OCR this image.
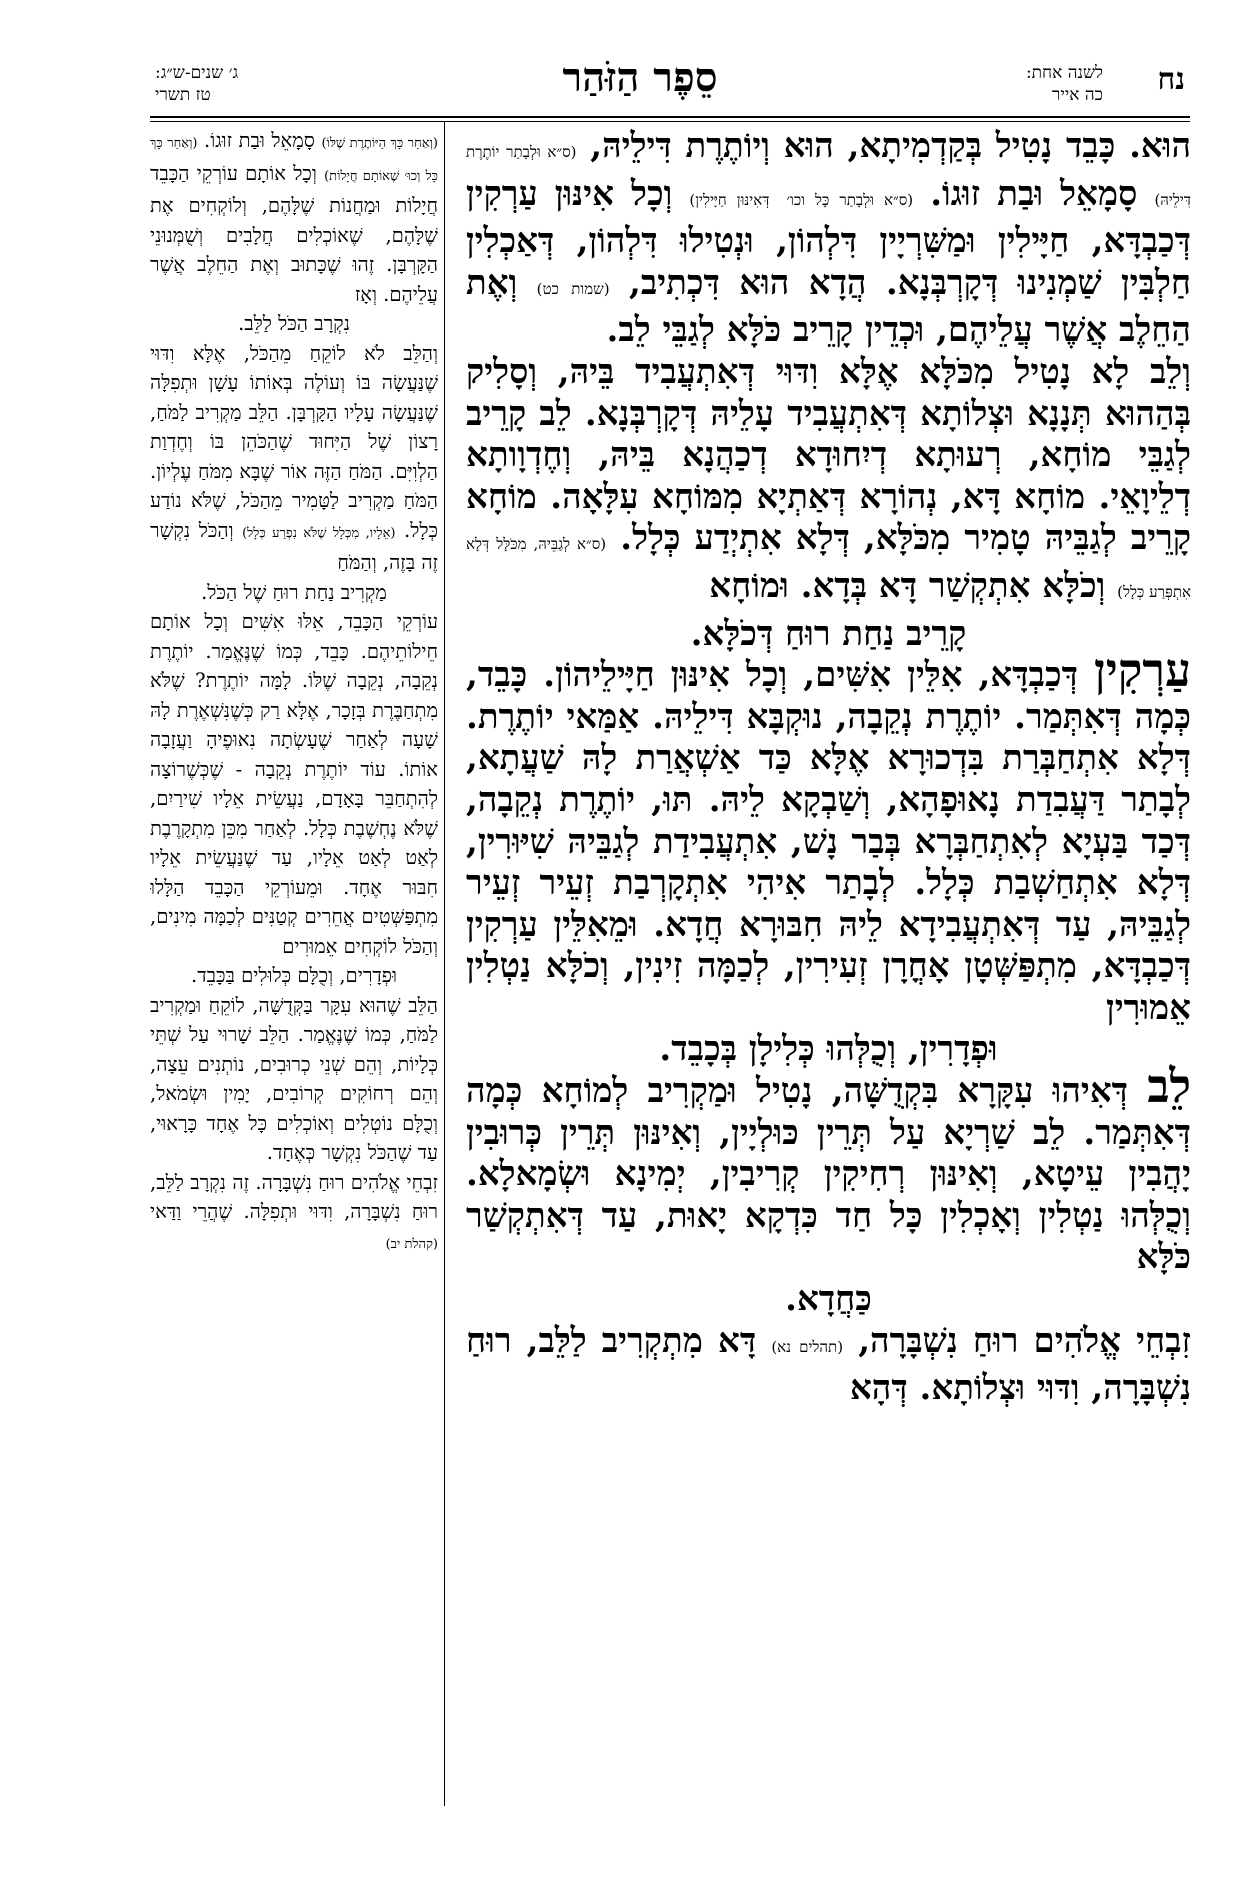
נח
לשנה אחת:
כה אייר
סֵפֶר הַזֹּהַר
ג׳ שנים-ש״ג:
טז תשרי

הוּא. כָּבֵד נָטִיל בְּקַדְמִיתָא, הוּא וְיוֹתֶרֶת דִּילֵיהּ, (ס״א וּלְבָתַר יוֹתֶרֶת דִּילֵיהּ) סָמָאֵל וּבַת זוּגוֹ. (ס״א וּלְבָתַר כָּל וכו׳ דְּאִינּוּן חַיָּילִין) וְכָל אִינּוּן עַרְקִין דְּכַבְדָּא, חַיָּילִין וּמַשִּׁרְיָין דִּלְהוֹן, וּנְטִילוּ דִּלְהוֹן, דְּאַכְלִין חַלְבִּין שַׁמְנִינוּ דְּקָרְבְּנָא. הֲדָא הוּא דִּכְתִיב, (שמות כט) וְאֶת הַחֵלֶב אֲשֶׁר עֲלֵיהֶם, וּכְדֵין קָרֵיב כֹּלָּא לְגַבֵּי לֵב.

וְלֵב לָא נָטִיל מִכֹּלָּא אֶלָּא וִדּוּי דְּאִתְעֲבִיד בֵּיהּ, וְסָלִיק בְּהַהוּא תְּנָנָא וּצְלוֹתָא דְּאִתְעֲבִיד עָלֵיהּ דְּקָרְבְּנָא. לֵב קָרֵיב לְגַבֵּי מוֹחָא, רְעוּתָא דְיִחוּדָא דְכַהֲנָא בֵּיהּ, וְחֶדְוָותָא דְלֵיוָאֵי. מוֹחָא דָּא, נְהוֹרָא דְּאַתְיָא מִמּוֹחָא עִלָּאָה. מוֹחָא קָרֵיב לְגַבֵּיהּ טָמִיר מִכֹּלָּא, דְּלָא אִתְיְדַע כְּלָל. (ס״א לְגַבֵּיהּ, מִכֹּלָּל דְּלָא אִתְפְּרַע כְּלָל) וְכֹלָּא אִתְקְשַׁר דָּא בְּדָא. וּמוֹחָא

קָרֵיב נַחַת רוּחַ דְּכֹלָּא.

עַרְקִין דְּכַבְדָּא, אִלֵּין אִשִּׁים, וְכָל אִינּוּן חַיָּילֵיהוֹן. כָּבֵד, כְּמָה דְּאִתְּמַר. יוֹתֶרֶת נְקֵבָה, נוּקְבָּא דִּילֵיהּ. אַמַּאי יוֹתֶרֶת. דְּלָא אִתְחַבְּרַת בִּדְכוּרָא אֶלָּא כַּד אַשְׁאֲרַת לָהּ שַׁעֲתָא, לְבָתַר דַּעֲבִדַת נָאוּפָהָא, וְשַׁבְקָא לֵיהּ. תּוּ, יוֹתֶרֶת נְקֵבָה, דְּכַד בַּעְיָא לְאִתְחַבְּרָא בְּבַר נָשׁ, אִתְעֲבִידַת לְגַבֵּיהּ שִׁיּוּרִין, דְּלָא אִתְחַשְׁבַת כְּלָל. לְבָתַר אִיהִי אִתְקָרְבַת זְעֵיר זְעֵיר לְגַבֵּיהּ, עַד דְּאִתְעֲבִידָא לֵיהּ חִבּוּרָא חֲדָא. וּמֵאִלֵּין עַרְקִין דְּכַבְדָּא, מִתְפַּשְּׁטָן אָחֳרָן זְעִירִין, לְכַמָּה זִינִין, וְכֹלָּא נַטְלִין אֵמוּרִין

וּפְדָרִין, וְכֻלְּהוּ כְּלִילָן בְּכָבֵד.

לֵב דְּאִיהוּ עִקָּרָא בִּקְדֻשָּׁה, נָטִיל וּמַקְרִיב לְמוֹחָא כְּמָה דְּאִתְּמַר. לֵב שַׁרְיָא עַל תְּרֵין כּוּלְיָין, וְאִינּוּן תְּרֵין כְּרוּבִין יָהֲבִין עֵיטָא, וְאִינּוּן רְחִיקִין קְרִיבִין, יְמִינָא וּשְׂמָאלָא. וְכֻלְּהוּ נַטְלִין וְאָכְלִין כָּל חַד כִּדְקָא יָאוּת, עַד דְּאִתְקְשַׁר כֹּלָּא

כַּחֲדָא.

זִבְחֵי אֱלֹהִים רוּחַ נִשְׁבָּרָה, (תהלים נא) דָּא מִתְקְרִיב לַלֵּב, רוּחַ נִשְׁבָּרָה, וִדּוּי וּצְלוֹתָא. דְּהָא

(וְאַחַר כָּךְ הַיּוֹתֶרֶת שֶׁלּוֹ) סָמָאֵל וּבַת זוּגוֹ. (וְאַחַר כָּךְ כָּל וְכוּ׳ שֶׁאוֹתָם חֲיָלוֹת) וְכָל אוֹתָם עוֹרְקֵי הַכָּבֵד חֲיָלוֹת וּמַחֲנוֹת שֶׁלָּהֶם, וְלוֹקְחִים אֶת שֶׁלָּהֶם, שֶׁאוֹכְלִים חֲלָבִים וְשֻׁמְּנוּנֵי הַקָּרְבָּן. זֶהוּ שֶׁכָּתוּב וְאֶת הַחֵלֶב אֲשֶׁר עֲלֵיהֶם. וְאָז

נִקְרָב הַכֹּל לַלֵּב.

וְהַלֵּב לֹא לוֹקֵחַ מֵהַכֹּל, אֶלָּא וִדּוּי שֶׁנַּעֲשָׂה בּוֹ וְעוֹלֶה בְּאוֹתוֹ עָשָׁן וּתְפִלָּה שֶׁנַּעֲשָׂה עָלָיו הַקָּרְבָּן. הַלֵּב מַקְרִיב לַמֹּחַ, רָצוֹן שֶׁל הַיִּחוּד שֶׁהַכֹּהֵן בּוֹ וְחֶדְוַת הַלְוִיִּם. הַמֹּחַ הַזֶּה אוֹר שֶׁבָּא מִמֹּחַ עֶלְיוֹן. הַמֹּחַ מַקְרִיב לַטָּמִיר מֵהַכֹּל, שֶׁלֹּא נוֹדַע כְּלָל. (אֵלָיו, מִכְּלָל שֶׁלֹּא נִפְרַע כְּלָל) וְהַכֹּל נִקְשָׁר זֶה בָּזֶה, וְהַמֹּחַ

מַקְרִיב נַחַת רוּחַ שֶׁל הַכֹּל.

עוֹרְקֵי הַכָּבֵד, אֵלּוּ אִשִּׁים וְכָל אוֹתָם חֵילוֹתֵיהֶם. כָּבֵד, כְּמוֹ שֶׁנֶּאֱמַר. יוֹתֶרֶת נְקֵבָה, נְקֵבָה שֶׁלּוֹ. לָמָּה יוֹתֶרֶת? שֶׁלֹּא מִתְחַבֶּרֶת בְּזָכָר, אֶלָּא רַק כְּשֶׁנִּשְׁאֶרֶת לָהּ שָׁעָה לְאַחַר שֶׁעָשְׂתָה נִאוּפֶיהָ וַעֲזָבָה אוֹתוֹ. עוֹד יוֹתֶרֶת נְקֵבָה - שֶׁכְּשֶׁרוֹצָה לְהִתְחַבֵּר בָּאָדָם, נַעֲשֵׂית אֵלָיו שִׁירַיִם, שֶׁלֹּא נֶחְשֶׁבֶת כְּלָל. לְאַחַר מִכֵּן מִתְקָרֶבֶת לְאַט לְאַט אֵלָיו, עַד שֶׁנַּעֲשֵׂית אֵלָיו חִבּוּר אֶחָד. וּמֵעוֹרְקֵי הַכָּבֵד הַלָּלוּ מִתְפַּשְּׁטִים אֲחֵרִים קְטַנִּים לְכַמָּה מִינִים, וְהַכֹּל לוֹקְחִים אֵמוּרִים

וּפְדָרִים, וְכֻלָּם כְּלוּלִים בַּכָּבֵד.

הַלֵּב שֶׁהוּא עִקָּר בַּקְּדֻשָּׁה, לוֹקֵחַ וּמַקְרִיב לַמֹּחַ, כְּמוֹ שֶׁנֶּאֱמַר. הַלֵּב שָׁרוּי עַל שְׁתֵּי כְּלָיוֹת, וְהֵם שְׁנֵי כְרוּבִים, נוֹתְנִים עֵצָה, וְהֵם רְחוֹקִים קְרוֹבִים, יָמִין וּשְׂמֹאל, וְכֻלָּם נוֹטְלִים וְאוֹכְלִים כָּל אֶחָד כָּרָאוּי, עַד שֶׁהַכֹּל נִקְשָׁר כְּאֶחָד.

זִבְחֵי אֱלֹהִים רוּחַ נִשְׁבָּרָה. זֶה נִקְרָב לַלֵּב, רוּחַ נִשְׁבָּרָה, וִדּוּי וּתְפִלָּה. שֶׁהֲרֵי וַדַּאי (קהלת יב)
